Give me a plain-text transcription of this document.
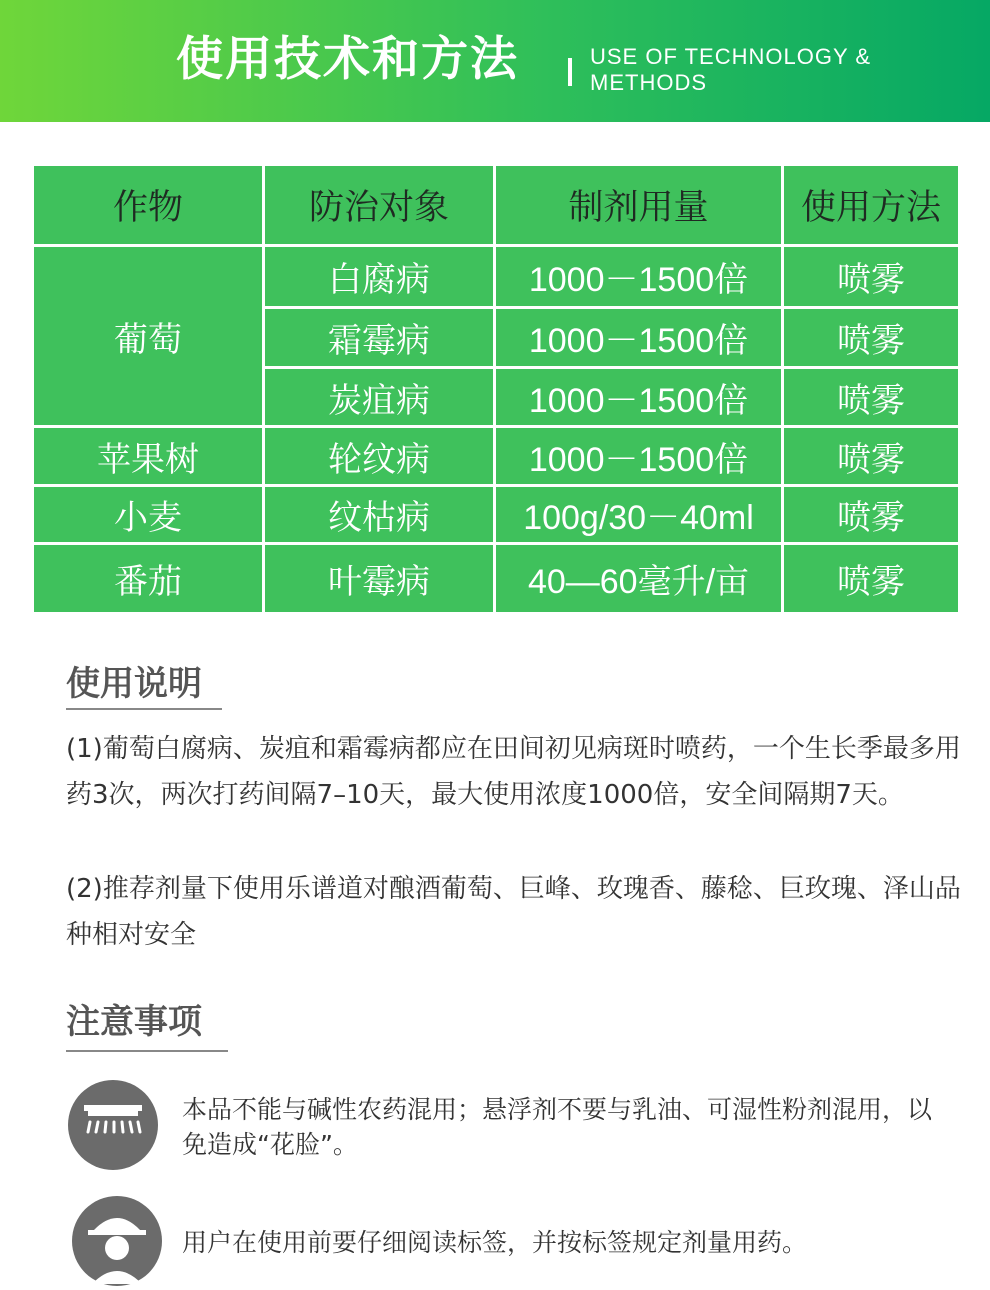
使用技术和方法	USE OF TECHNOLOGY &
METHODS
作物	防治对象	制剂用量	使用方法
葡萄	白腐病	1000－1500倍	喷雾
	霜霉病	1000－1500倍	喷雾
	炭疽病	1000－1500倍	喷雾
苹果树	轮纹病	1000－1500倍	喷雾
小麦	纹枯病	100g/30－40ml	喷雾
番茄	叶霉病	40—60毫升/亩	喷雾
使用说明
(1)葡萄白腐病、炭疽和霜霉病都应在田间初见病斑时喷药，一个生长季最多用药3次，两次打药间隔7–10天，最大使用浓度1000倍，安全间隔期7天。
(2)推荐剂量下使用乐谱道对酿酒葡萄、巨峰、玫瑰香、藤稔、巨玫瑰、泽山品种相对安全
注意事项
本品不能与碱性农药混用；悬浮剂不要与乳油、可湿性粉剂混用，以免造成“花脸”。
用户在使用前要仔细阅读标签，并按标签规定剂量用药。
